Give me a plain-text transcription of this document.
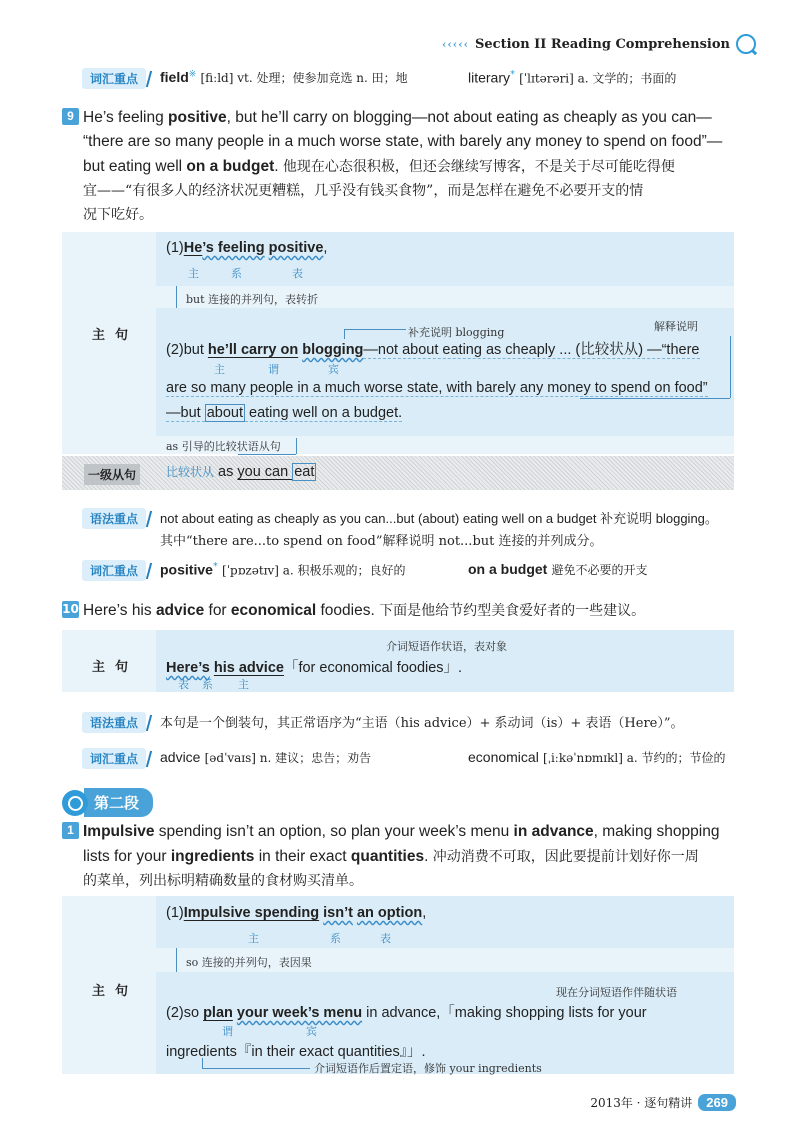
‹‹‹‹‹ Section II Reading Comprehension
词汇重点	field※ [fiːld] vt. 处理；使参加竞选 n. 田；地	literary* [ˈlɪtərəri] a. 文学的；书面的
9 He’s feeling positive, but he’ll carry on blogging—not about eating as cheaply as you can—
“there are so many people in a much worse state, with barely any money to spend on food”—
but eating well on a budget. 他现在心态很积极，但还会继续写博客，不是关于尽可能吃得便
宜——“有很多人的经济状况更糟糕，几乎没有钱买食物”，而是怎样在避免不必要开支的情
况下吃好。
主句
(1)He’s feeling positive,
主	系	表
but 连接的并列句，表转折
补充说明 blogging	解释说明
(2)but he’ll carry on blogging—not about eating as cheaply ... (比较状从) —“there
主	谓	宾
are so many people in a much worse state, with barely any money to spend on food”
—but about eating well on a budget.
as 引导的比较状语从句
一级从句	比较状从 as you can eat
语法重点	not about eating as cheaply as you can...but (about) eating well on a budget 补充说明 blogging。
其中“there are...to spend on food”解释说明 not...but 连接的并列成分。
词汇重点	positive* [ˈpɒzətɪv] a. 积极乐观的；良好的	on a budget 避免不必要的开支
10 Here’s his advice for economical foodies. 下面是他给节约型美食爱好者的一些建议。
主句
介词短语作状语，表对象
Here’s his advice「for economical foodies」.
表 系 主
语法重点	本句是一个倒装句，其正常语序为“主语（his advice）+ 系动词（is）+ 表语（Here）”。
词汇重点	advice [ədˈvaɪs] n. 建议；忠告；劝告	economical [ˌiːkəˈnɒmɪkl] a. 节约的；节俭的
第二段
1 Impulsive spending isn’t an option, so plan your week’s menu in advance, making shopping
lists for your ingredients in their exact quantities. 冲动消费不可取，因此要提前计划好你一周
的菜单，列出标明精确数量的食材购买清单。
主句
(1)Impulsive spending isn’t an option,
主	系	表
so 连接的并列句，表因果
现在分词短语作伴随状语
(2)so plan your week’s menu in advance,「making shopping lists for your
谓	宾
ingredients『in their exact quantities』」.
介词短语作后置定语，修饰 your ingredients
2013年 · 逐句精讲	269
